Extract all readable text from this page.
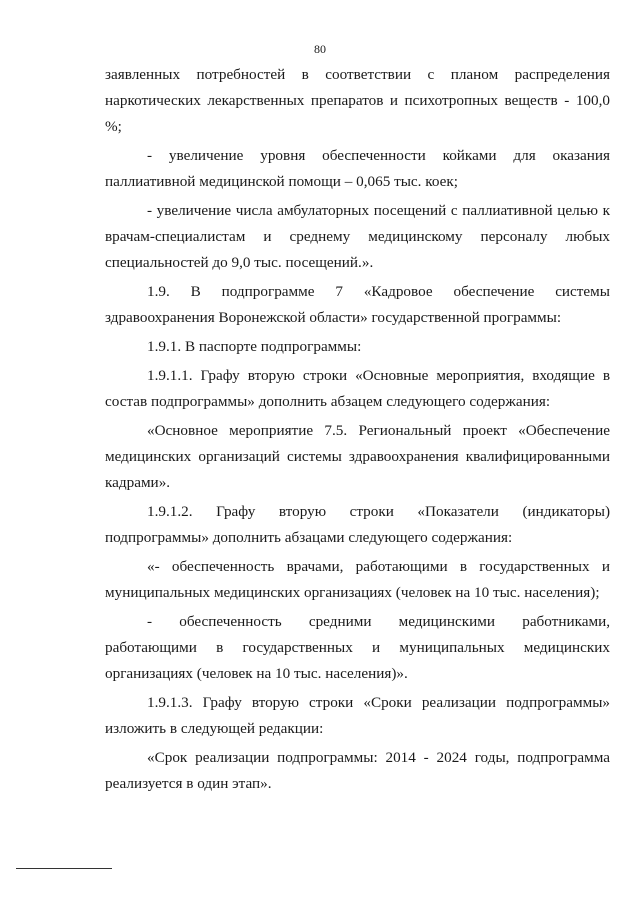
80

заявленных потребностей в соответствии с планом распределения наркотических лекарственных препаратов и психотропных веществ - 100,0 %;

- увеличение уровня обеспеченности койками для оказания паллиативной медицинской помощи – 0,065 тыс. коек;

- увеличение числа амбулаторных посещений с паллиативной целью к врачам-специалистам и среднему медицинскому персоналу любых специальностей до 9,0 тыс. посещений.».

1.9. В подпрограмме 7 «Кадровое обеспечение системы здравоохранения Воронежской области» государственной программы:

1.9.1. В паспорте подпрограммы:

1.9.1.1. Графу вторую строки «Основные мероприятия, входящие в состав подпрограммы» дополнить абзацем следующего содержания:

«Основное мероприятие 7.5. Региональный проект «Обеспечение медицинских организаций системы здравоохранения квалифицированными кадрами».

1.9.1.2. Графу вторую строки «Показатели (индикаторы) подпрограммы» дополнить абзацами следующего содержания:

«- обеспеченность врачами, работающими в государственных и муниципальных медицинских организациях (человек на 10 тыс. населения);

- обеспеченность средними медицинскими работниками, работающими в государственных и муниципальных медицинских организациях (человек на 10 тыс. населения)».

1.9.1.3. Графу вторую строки «Сроки реализации подпрограммы» изложить в следующей редакции:

«Срок реализации подпрограммы: 2014 - 2024 годы, подпрограмма реализуется в один этап».
